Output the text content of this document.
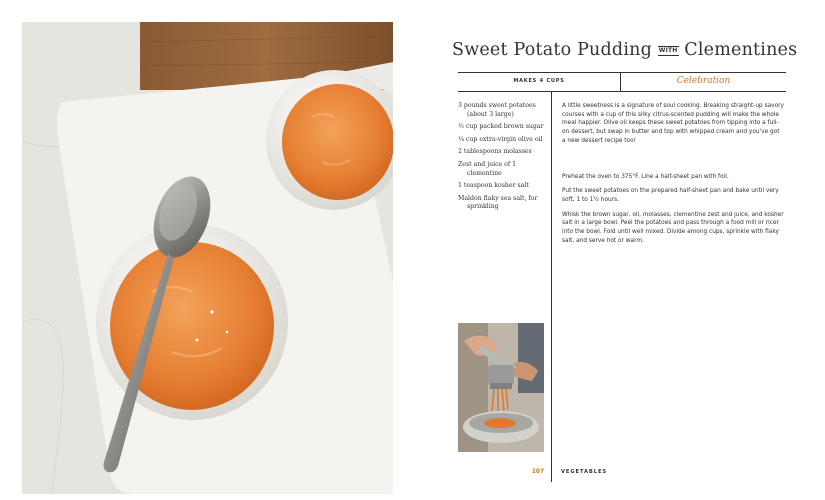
Sweet Potato Pudding WITH Clementines
MAKES 4 CUPS	Celebration
3 pounds sweet potatoes (about 3 large)
½ cup packed brown sugar
¼ cup extra-virgin olive oil
2 tablespoons molasses
Zest and juice of 1 clementine
1 teaspoon kosher salt
Maldon flaky sea salt, for sprinkling

A little sweetness is a signature of soul cooking. Breaking straight-up savory courses with a cup of this silky citrus-scented pudding will make the whole meal happier. Olive oil keeps these sweet potatoes from tipping into a full-on dessert, but swap in butter and top with whipped cream and you've got a new dessert recipe too!

Preheat the oven to 375°F. Line a half-sheet pan with foil.

Put the sweet potatoes on the prepared half-sheet pan and bake until very soft, 1 to 1½ hours.

Whisk the brown sugar, oil, molasses, clementine zest and juice, and kosher salt in a large bowl. Peel the potatoes and pass through a food mill or ricer into the bowl. Fold until well mixed. Divide among cups, sprinkle with flaky salt, and serve hot or warm.

107	VEGETABLES
